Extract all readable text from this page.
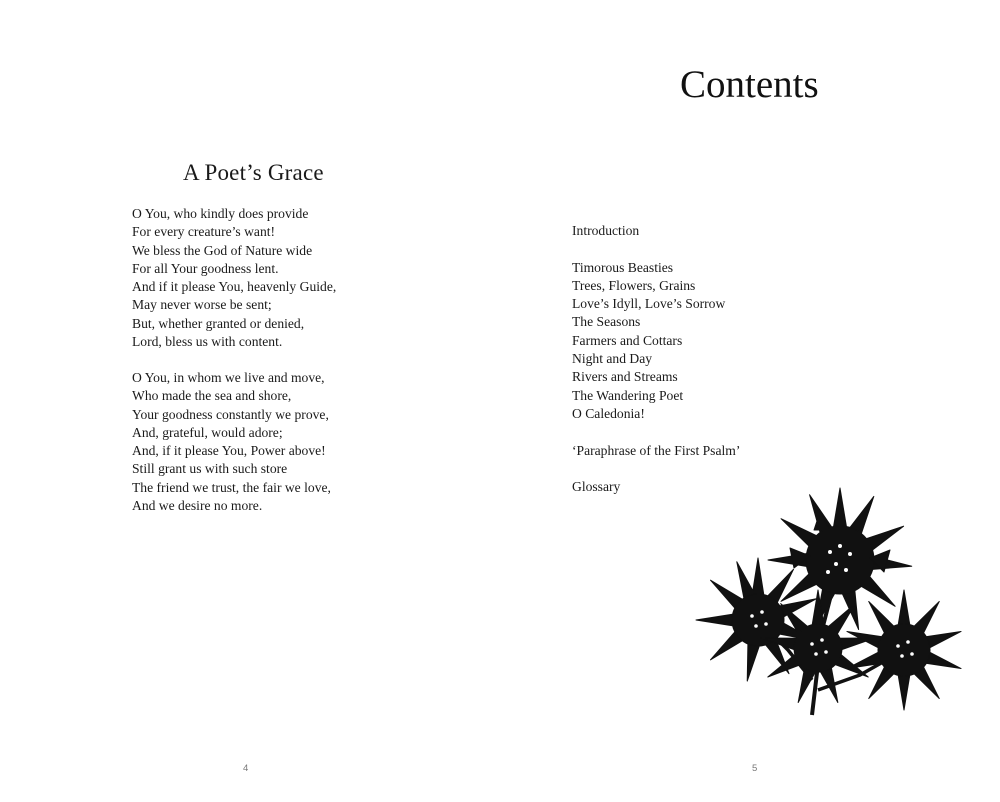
A Poet’s Grace
O You, who kindly does provide
For every creature’s want!
We bless the God of Nature wide
For all Your goodness lent.
And if it please You, heavenly Guide,
May never worse be sent;
But, whether granted or denied,
Lord, bless us with content.
O You, in whom we live and move,
Who made the sea and shore,
Your goodness constantly we prove,
And, grateful, would adore;
And, if it please You, Power above!
Still grant us with such store
The friend we trust, the fair we love,
And we desire no more.
4
Contents
Introduction
Timorous Beasties
Trees, Flowers, Grains
Love’s Idyll, Love’s Sorrow
The Seasons
Farmers and Cottars
Night and Day
Rivers and Streams
The Wandering Poet
O Caledonia!
‘Paraphrase of the First Psalm’
Glossary
5
